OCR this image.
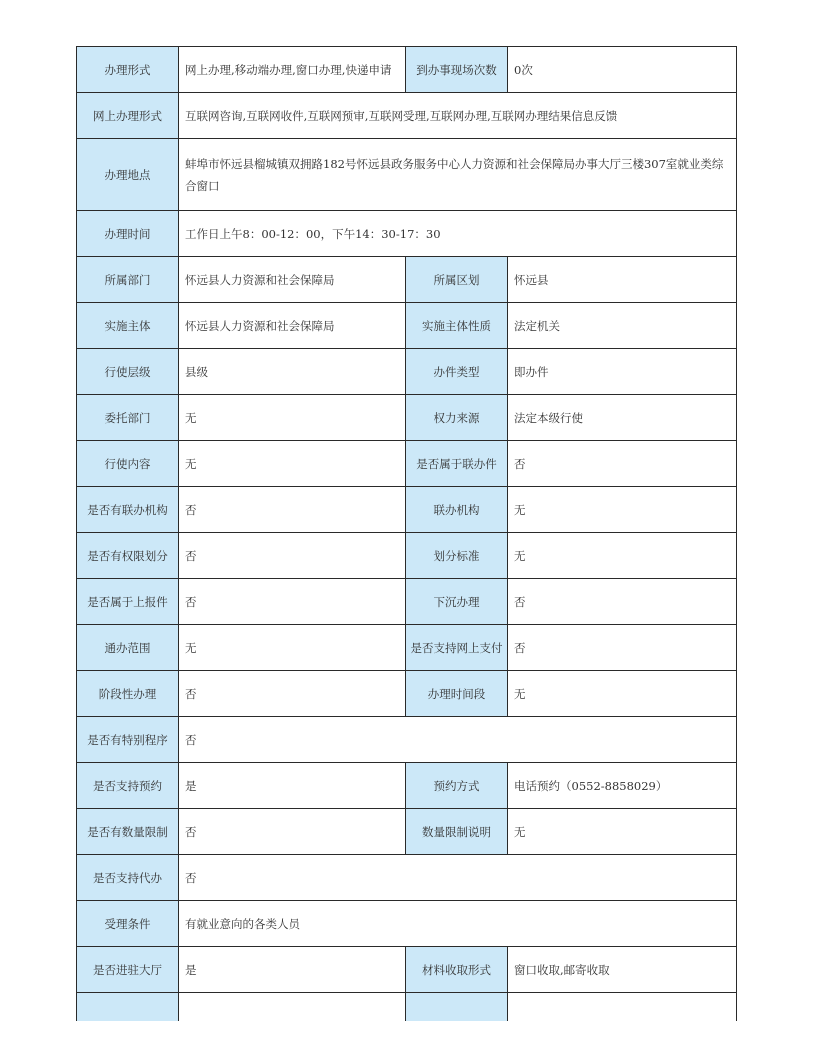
办理形式	网上办理,移动端办理,窗口办理,快递申请	到办事现场次数	0次
网上办理形式	互联网咨询,互联网收件,互联网预审,互联网受理,互联网办理,互联网办理结果信息反馈		
办理地点	蚌埠市怀远县榴城镇双拥路182号怀远县政务服务中心人力资源和社会保障局办事大厅三楼307室就业类综合窗口		
办理时间	工作日上午8：00-12：00，下午14：30-17：30		
所属部门	怀远县人力资源和社会保障局	所属区划	怀远县
实施主体	怀远县人力资源和社会保障局	实施主体性质	法定机关
行使层级	县级	办件类型	即办件
委托部门	无	权力来源	法定本级行使
行使内容	无	是否属于联办件	否
是否有联办机构	否	联办机构	无
是否有权限划分	否	划分标准	无
是否属于上报件	否	下沉办理	否
通办范围	无	是否支持网上支付	否
阶段性办理	否	办理时间段	无
是否有特别程序	否		
是否支持预约	是	预约方式	电话预约（0552-8858029）
是否有数量限制	否	数量限制说明	无
是否支持代办	否		
受理条件	有就业意向的各类人员		
是否进驻大厅	是	材料收取形式	窗口收取,邮寄收取
